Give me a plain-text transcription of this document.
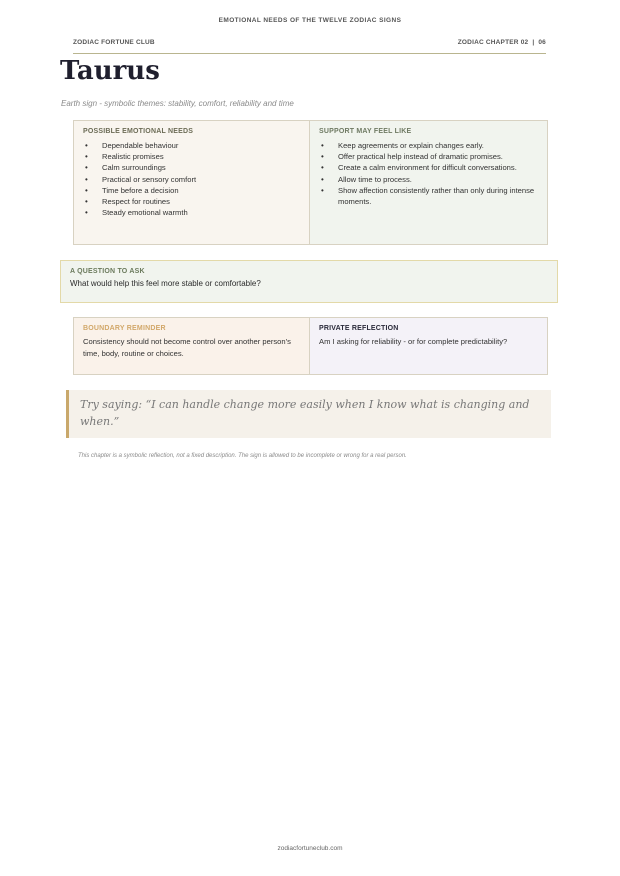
EMOTIONAL NEEDS OF THE TWELVE ZODIAC SIGNS
ZODIAC FORTUNE CLUB	ZODIAC CHAPTER 02 | 06
Taurus
Earth sign - symbolic themes: stability, comfort, reliability and time
POSSIBLE EMOTIONAL NEEDS
• Dependable behaviour
• Realistic promises
• Calm surroundings
• Practical or sensory comfort
• Time before a decision
• Respect for routines
• Steady emotional warmth
SUPPORT MAY FEEL LIKE
• Keep agreements or explain changes early.
• Offer practical help instead of dramatic promises.
• Create a calm environment for difficult conversations.
• Allow time to process.
• Show affection consistently rather than only during intense moments.
A QUESTION TO ASK
What would help this feel more stable or comfortable?
BOUNDARY REMINDER
Consistency should not become control over another person's time, body, routine or choices.
PRIVATE REFLECTION
Am I asking for reliability - or for complete predictability?
Try saying: “I can handle change more easily when I know what is changing and when.”
This chapter is a symbolic reflection, not a fixed description. The sign is allowed to be incomplete or wrong for a real person.
zodiacfortuneclub.com
